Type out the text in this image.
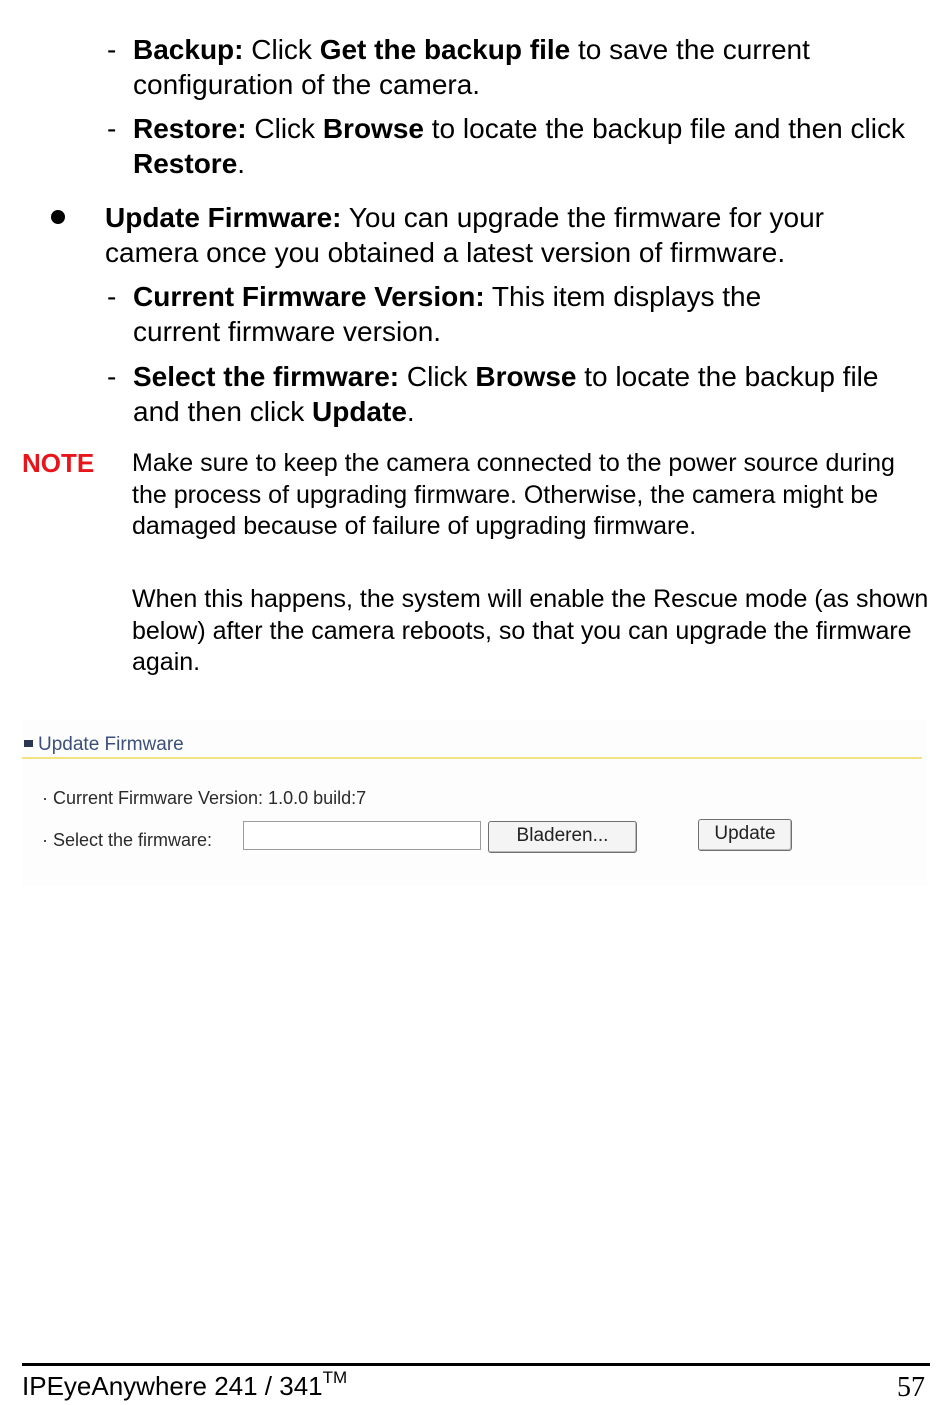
- Backup: Click Get the backup file to save the current configuration of the camera.
- Restore: Click Browse to locate the backup file and then click Restore.
Update Firmware: You can upgrade the firmware for your camera once you obtained a latest version of firmware.
- Current Firmware Version: This item displays the current firmware version.
- Select the firmware: Click Browse to locate the backup file and then click Update.
NOTE Make sure to keep the camera connected to the power source during the process of upgrading firmware. Otherwise, the camera might be damaged because of failure of upgrading firmware.
When this happens, the system will enable the Rescue mode (as shown below) after the camera reboots, so that you can upgrade the firmware again.
Update Firmware
· Current Firmware Version: 1.0.0 build:7
· Select the firmware:	Bladeren...	Update
IPEyeAnywhere 241 / 341™	57
